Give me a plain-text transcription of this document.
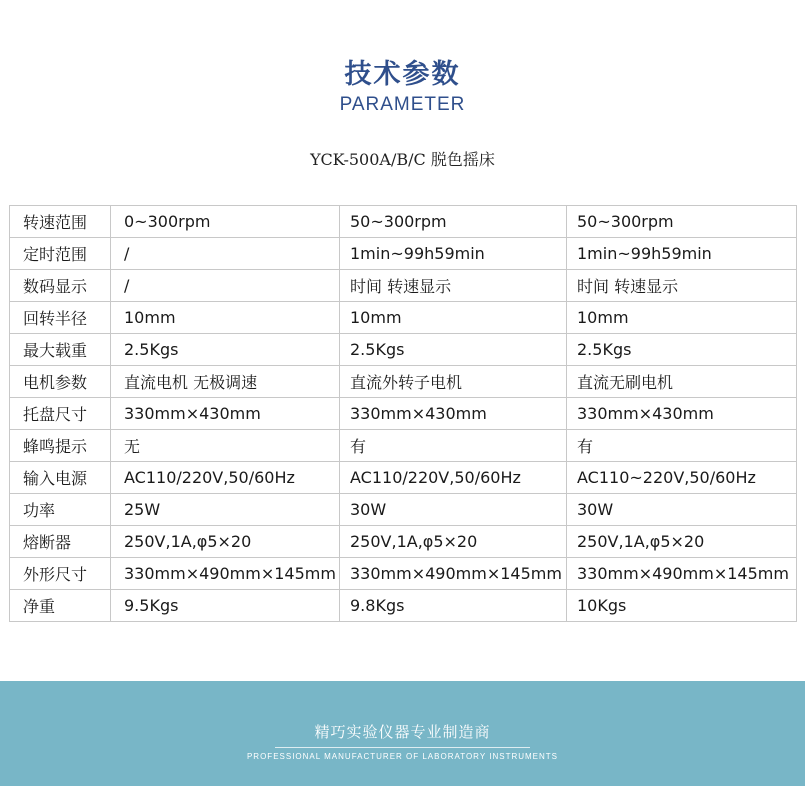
技术参数
PARAMETER
YCK-500A/B/C 脱色摇床
转速范围	0~300rpm	50~300rpm	50~300rpm
定时范围	/	1min~99h59min	1min~99h59min
数码显示	/	时间 转速显示	时间 转速显示
回转半径	10mm	10mm	10mm
最大载重	2.5Kgs	2.5Kgs	2.5Kgs
电机参数	直流电机 无极调速	直流外转子电机	直流无刷电机
托盘尺寸	330mm×430mm	330mm×430mm	330mm×430mm
蜂鸣提示	无	有	有
输入电源	AC110/220V,50/60Hz	AC110/220V,50/60Hz	AC110~220V,50/60Hz
功率	25W	30W	30W
熔断器	250V,1A,φ5×20	250V,1A,φ5×20	250V,1A,φ5×20
外形尺寸	330mm×490mm×145mm	330mm×490mm×145mm	330mm×490mm×145mm
净重	9.5Kgs	9.8Kgs	10Kgs
精巧实验仪器专业制造商
PROFESSIONAL MANUFACTURER OF LABORATORY INSTRUMENTS
